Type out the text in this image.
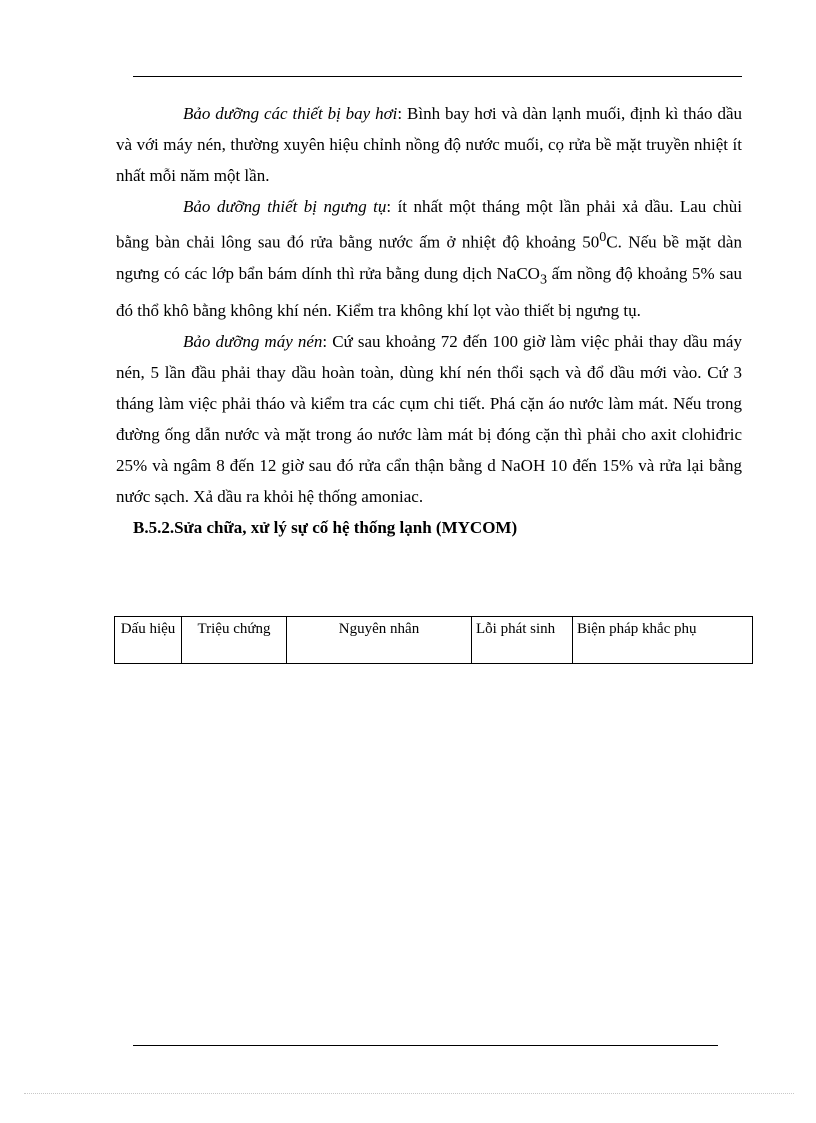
Bảo dưỡng các thiết bị bay hơi: Bình bay hơi và dàn lạnh muối, định kì tháo dầu và với máy nén, thường xuyên hiệu chỉnh nồng độ nước muối, cọ rửa bề mặt truyền nhiệt ít nhất mỗi năm một lần.

Bảo dưỡng thiết bị ngưng tụ: ít nhất một tháng một lần phải xả dầu. Lau chùi bằng bàn chải lông sau đó rửa bằng nước ấm ở nhiệt độ khoảng $50^0C$. Nếu bề mặt dàn ngưng có các lớp bẩn bám dính thì rửa bằng dung dịch NaCO$_3$ ấm nồng độ khoảng 5% sau đó thổ khô bằng không khí nén. Kiểm tra không khí lọt vào thiết bị ngưng tụ.

Bảo dưỡng máy nén: Cứ sau khoảng 72 đến 100 giờ làm việc phải thay dầu máy nén, 5 lần đầu phải thay dầu hoàn toàn, dùng khí nén thổi sạch và đổ dầu mới vào. Cứ 3 tháng làm việc phải tháo và kiểm tra các cụm chi tiết. Phá cặn áo nước làm mát. Nếu trong đường ống dẫn nước và mặt trong áo nước làm mát bị đóng cặn thì phải cho axit clohiđric 25% và ngâm 8 đến 12 giờ sau đó rửa cẩn thận bằng d NaOH 10 đến 15% và rửa lại bằng nước sạch. Xả dầu ra khỏi hệ thống amoniac.

B.5.2.Sửa chữa, xử lý sự cố hệ thống lạnh (MYCOM)

Dấu hiệu	Triệu chứng	Nguyên nhân	Lỗi phát sinh	Biện pháp khắc phụ
